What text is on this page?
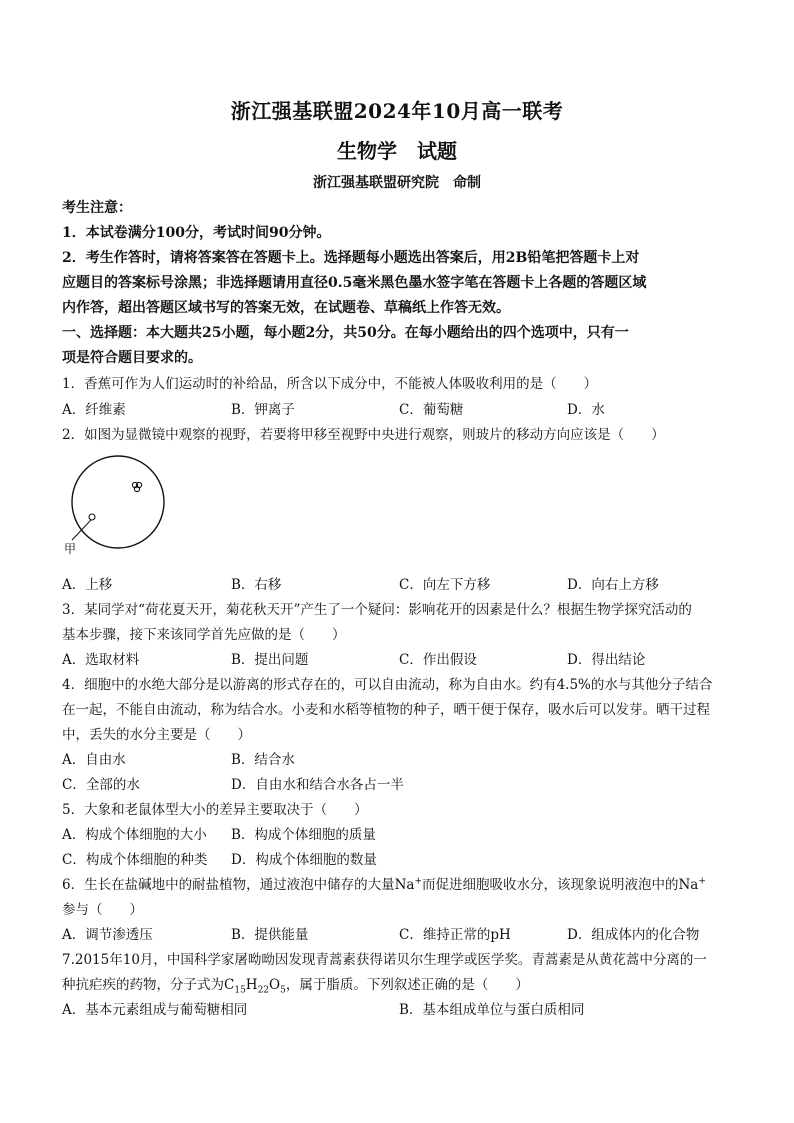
浙江强基联盟2024年10月高一联考
生物学　试题
浙江强基联盟研究院　命制
考生注意：
1．本试卷满分100分，考试时间90分钟。
2．考生作答时，请将答案答在答题卡上。选择题每小题选出答案后，用2B铅笔把答题卡上对
应题目的答案标号涂黑；非选择题请用直径0.5毫米黑色墨水签字笔在答题卡上各题的答题区域
内作答，超出答题区域书写的答案无效，在试题卷、草稿纸上作答无效。
一、选择题：本大题共25小题，每小题2分，共50分。在每小题给出的四个选项中，只有一
项是符合题目要求的。
1．香蕉可作为人们运动时的补给品，所含以下成分中，不能被人体吸收利用的是（　　）
A．纤维素	B．钾离子	C．葡萄糖	D．水
2．如图为显微镜中观察的视野，若要将甲移至视野中央进行观察，则玻片的移动方向应该是（　　）
甲
A．上移	B．右移	C．向左下方移	D．向右上方移
3．某同学对“荷花夏天开，菊花秋天开”产生了一个疑问：影响花开的因素是什么？根据生物学探究活动的
基本步骤，接下来该同学首先应做的是（　　）
A．选取材料	B．提出问题	C．作出假设	D．得出结论
4．细胞中的水绝大部分是以游离的形式存在的，可以自由流动，称为自由水。约有4.5%的水与其他分子结合
在一起，不能自由流动，称为结合水。小麦和水稻等植物的种子，晒干便于保存，吸水后可以发芽。晒干过程
中，丢失的水分主要是（　　）
A．自由水	B．结合水
C．全部的水	D．自由水和结合水各占一半
5．大象和老鼠体型大小的差异主要取决于（　　）
A．构成个体细胞的大小 B．构成个体细胞的质量
C．构成个体细胞的种类 D．构成个体细胞的数量
6．生长在盐碱地中的耐盐植物，通过液泡中储存的大量Na+而促进细胞吸收水分，该现象说明液泡中的Na+
参与（　　）
A．调节渗透压	B．提供能量	C．维持正常的pH	D．组成体内的化合物
7.2015年10月，中国科学家屠呦呦因发现青蒿素获得诺贝尔生理学或医学奖。青蒿素是从黄花蒿中分离的一
种抗疟疾的药物，分子式为$C_{15}H_{22}O_5$，属于脂质。下列叙述正确的是（　　）
A．基本元素组成与葡萄糖相同	B．基本组成单位与蛋白质相同
